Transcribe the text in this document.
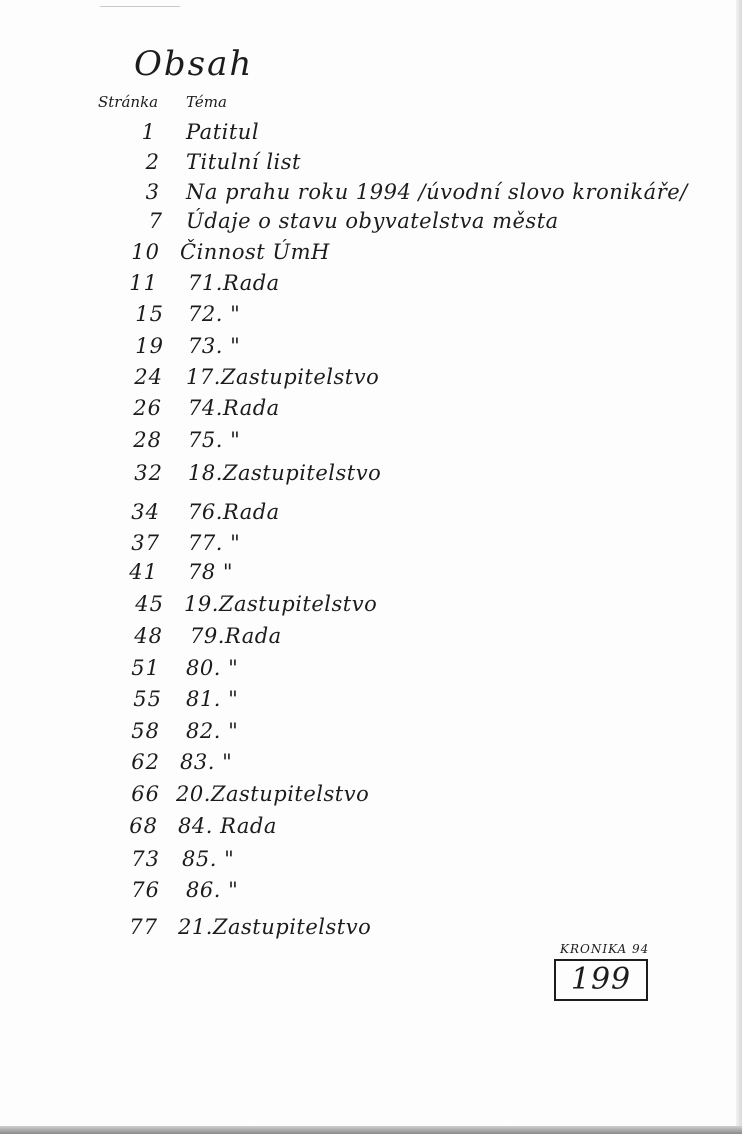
Obsah
Stránka Téma
1 Patitul
2 Titulní list
3 Na prahu roku 1994 /úvodní slovo kronikáře/
7 Údaje o stavu obyvatelstva města
10 Činnost ÚmH
11 71.Rada
15 72. "
19 73. "
24 17.Zastupitelstvo
26 74.Rada
28 75. "
32 18.Zastupitelstvo
34 76.Rada
37 77. "
41 78 "
45 19.Zastupitelstvo
48 79.Rada
51 80. "
55 81. "
58 82. "
62 83. "
66 20.Zastupitelstvo
68 84. Rada
73 85. "
76 86. "
77 21.Zastupitelstvo
KRONIKA 94
199
